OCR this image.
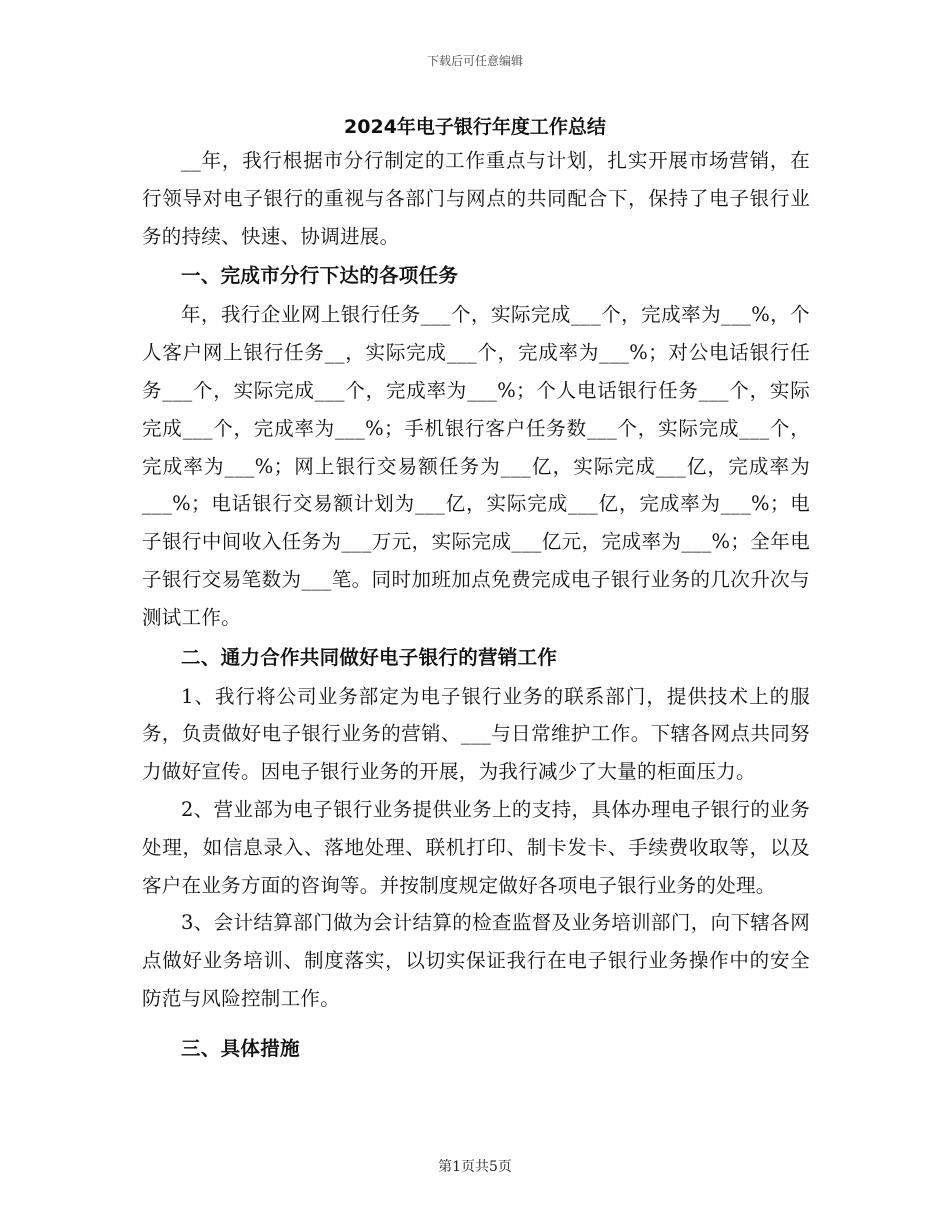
下载后可任意编辑
2024年电子银行年度工作总结

__年，我行根据市分行制定的工作重点与计划，扎实开展市场营销，在行领导对电子银行的重视与各部门与网点的共同配合下，保持了电子银行业务的持续、快速、协调进展。

一、完成市分行下达的各项任务

年，我行企业网上银行任务___个，实际完成___个，完成率为___%，个人客户网上银行任务__，实际完成___个，完成率为___%；对公电话银行任务___个，实际完成___个，完成率为___%；个人电话银行任务___个，实际完成___个，完成率为___%；手机银行客户任务数___个，实际完成___个，完成率为___%；网上银行交易额任务为___亿，实际完成___亿，完成率为___%；电话银行交易额计划为___亿，实际完成___亿，完成率为___%；电子银行中间收入任务为___万元，实际完成___亿元，完成率为___%；全年电子银行交易笔数为___笔。同时加班加点免费完成电子银行业务的几次升次与测试工作。

二、通力合作共同做好电子银行的营销工作

1、我行将公司业务部定为电子银行业务的联系部门，提供技术上的服务，负责做好电子银行业务的营销、___与日常维护工作。下辖各网点共同努力做好宣传。因电子银行业务的开展，为我行减少了大量的柜面压力。

2、营业部为电子银行业务提供业务上的支持，具体办理电子银行的业务处理，如信息录入、落地处理、联机打印、制卡发卡、手续费收取等，以及客户在业务方面的咨询等。并按制度规定做好各项电子银行业务的处理。

3、会计结算部门做为会计结算的检查监督及业务培训部门，向下辖各网点做好业务培训、制度落实，以切实保证我行在电子银行业务操作中的安全防范与风险控制工作。

三、具体措施
第1页共5页
